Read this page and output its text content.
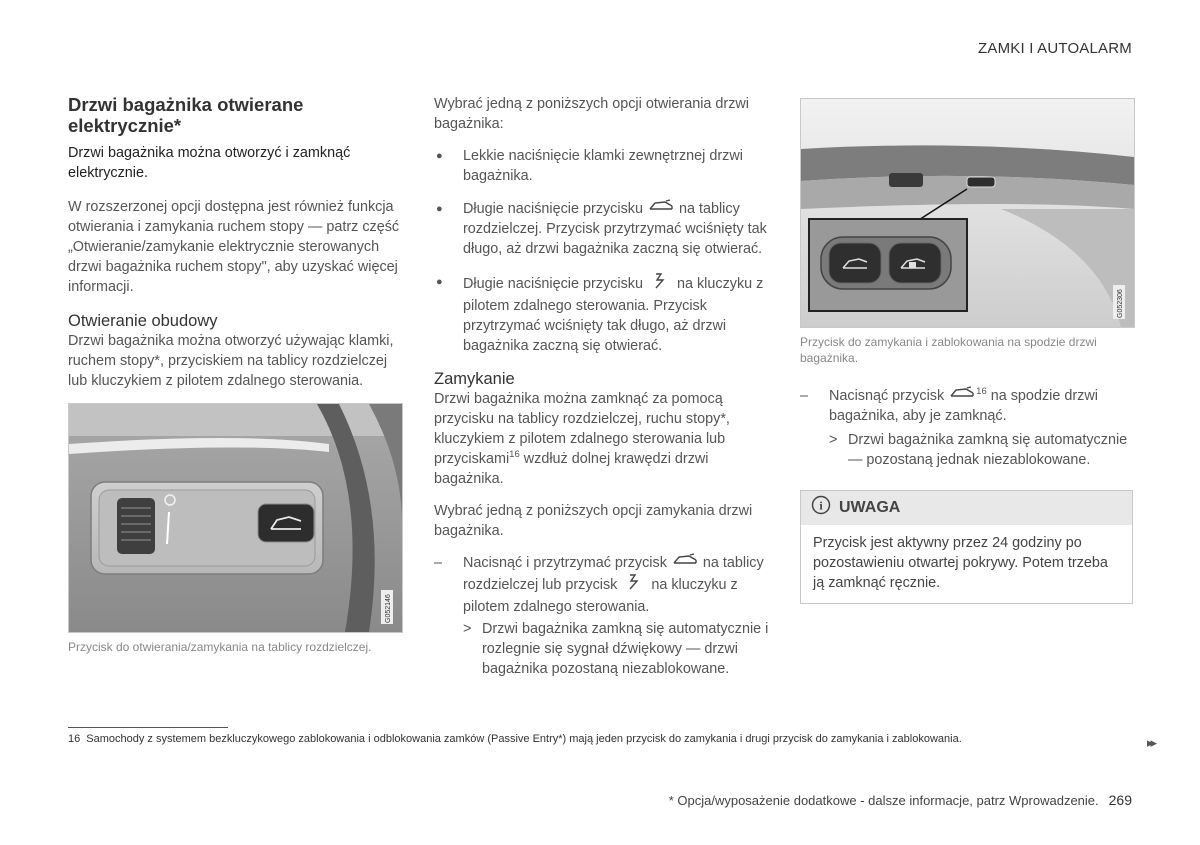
ZAMKI I AUTOALARM
Drzwi bagażnika otwierane elektrycznie*

Drzwi bagażnika można otworzyć i zamknąć elektrycznie.

W rozszerzonej opcji dostępna jest również funkcja otwierania i zamykania ruchem stopy — patrz część „Otwieranie/zamykanie elektrycznie sterowanych drzwi bagażnika ruchem stopy", aby uzyskać więcej informacji.

Otwieranie obudowy

Drzwi bagażnika można otworzyć używając klamki, ruchem stopy*, przyciskiem na tablicy rozdzielczej lub kluczykiem z pilotem zdalnego sterowania.

G052146
Przycisk do otwierania/zamykania na tablicy rozdzielczej.

Wybrać jedną z poniższych opcji otwierania drzwi bagażnika:

● Lekkie naciśnięcie klamki zewnętrznej drzwi bagażnika.
● Długie naciśnięcie przycisku	na tablicy rozdzielczej. Przycisk przytrzymać wciśnięty tak długo, aż drzwi bagażnika zaczną się otwierać.
● Długie naciśnięcie przycisku na kluczyku z pilotem zdalnego sterowania. Przycisk przytrzymać wciśnięty tak długo, aż drzwi bagażnika zaczną się otwierać.
Zamykanie

Drzwi bagażnika można zamknąć za pomocą przycisku na tablicy rozdzielczej, ruchu stopy*, kluczykiem z pilotem zdalnego sterowania lub przyciskami$^{16}$ wzdłuż dolnej krawędzi drzwi bagażnika.

Wybrać jedną z poniższych opcji zamykania drzwi bagażnika.

– Nacisnąć i przytrzymać przycisk	na tablicy rozdzielczej lub przycisk na kluczyku z pilotem zdalnego sterowania.
> Drzwi bagażnika zamkną się automatycznie i rozlegnie się sygnał dźwiękowy — drzwi bagażnika pozostaną niezablokowane.
G052306
Przycisk do zamykania i zablokowania na spodzie drzwi bagażnika.
– Nacisnąć przycisk	$^{16}$ na spodzie drzwi bagażnika, aby je zamknąć.
> Drzwi bagażnika zamkną się automatycznie — pozostaną jednak niezablokowane.
i UWAGA
Przycisk jest aktywny przez 24 godziny po pozostawieniu otwartej pokrywy. Potem trzeba ją zamknąć ręcznie.
16 Samochody z systemem bezkluczykowego zablokowania i odblokowania zamków (Passive Entry*) mają jeden przycisk do zamykania i drugi przycisk do zamykania i zablokowania.	▸▸
* Opcja/wyposażenie dodatkowe - dalsze informacje, patrz Wprowadzenie. 269
